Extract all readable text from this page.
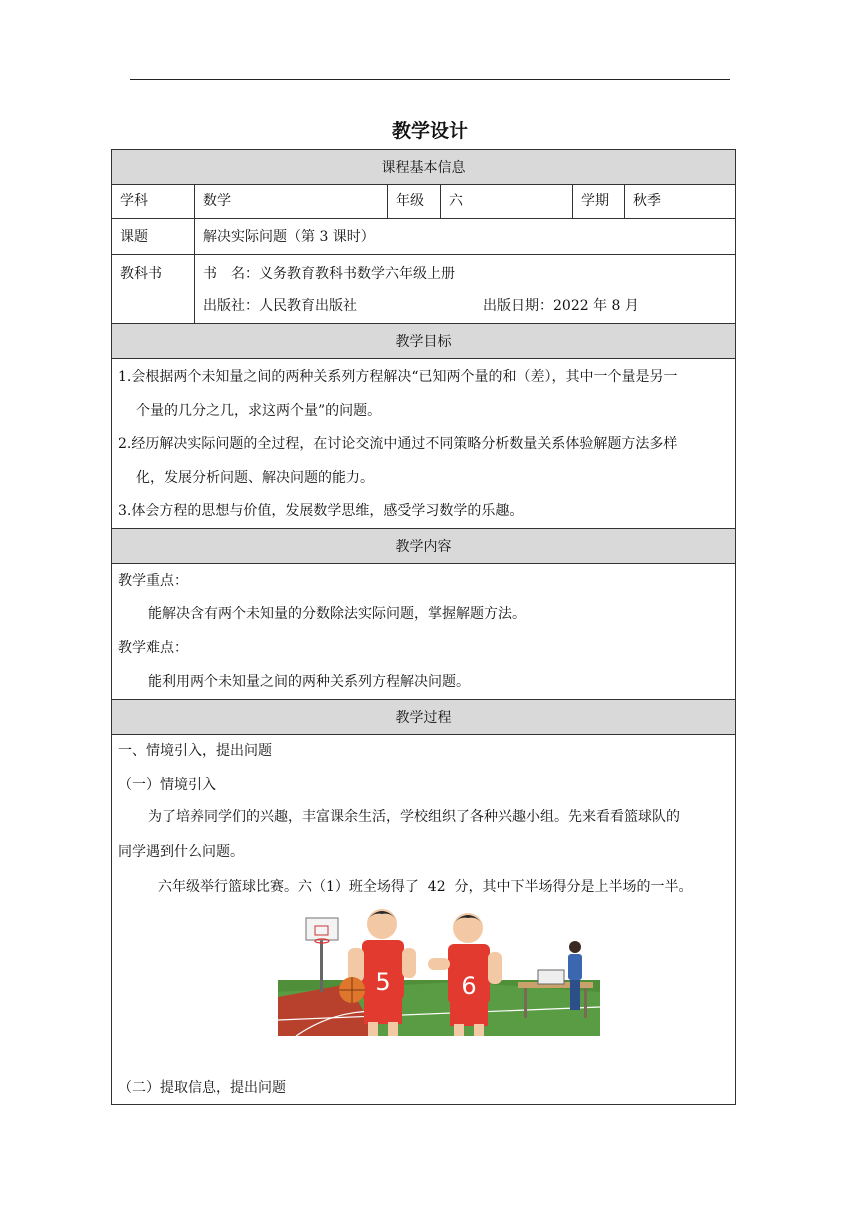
教学设计
课程基本信息
学科	数学	年级 六	学期 秋季
课题	解决实际问题（第 3 课时）
教科书	书　名：义务教育教科书数学六年级上册
出版社：人民教育出版社	出版日期：2022 年 8 月
教学目标
1.会根据两个未知量之间的两种关系列方程解决“已知两个量的和（差），其中一个量是另一
个量的几分之几，求这两个量”的问题。
2.经历解决实际问题的全过程，在讨论交流中通过不同策略分析数量关系体验解题方法多样
化，发展分析问题、解决问题的能力。
3.体会方程的思想与价值，发展数学思维，感受学习数学的乐趣。
教学内容
教学重点：
能解决含有两个未知量的分数除法实际问题，掌握解题方法。
教学难点：
能利用两个未知量之间的两种关系列方程解决问题。
教学过程
一、情境引入，提出问题
（一）情境引入
为了培养同学们的兴趣，丰富课余生活，学校组织了各种兴趣小组。先来看看篮球队的
同学遇到什么问题。
六年级举行篮球比赛。六（1）班全场得了  42  分，其中下半场得分是上半场的一半。
5	6
（二）提取信息，提出问题
